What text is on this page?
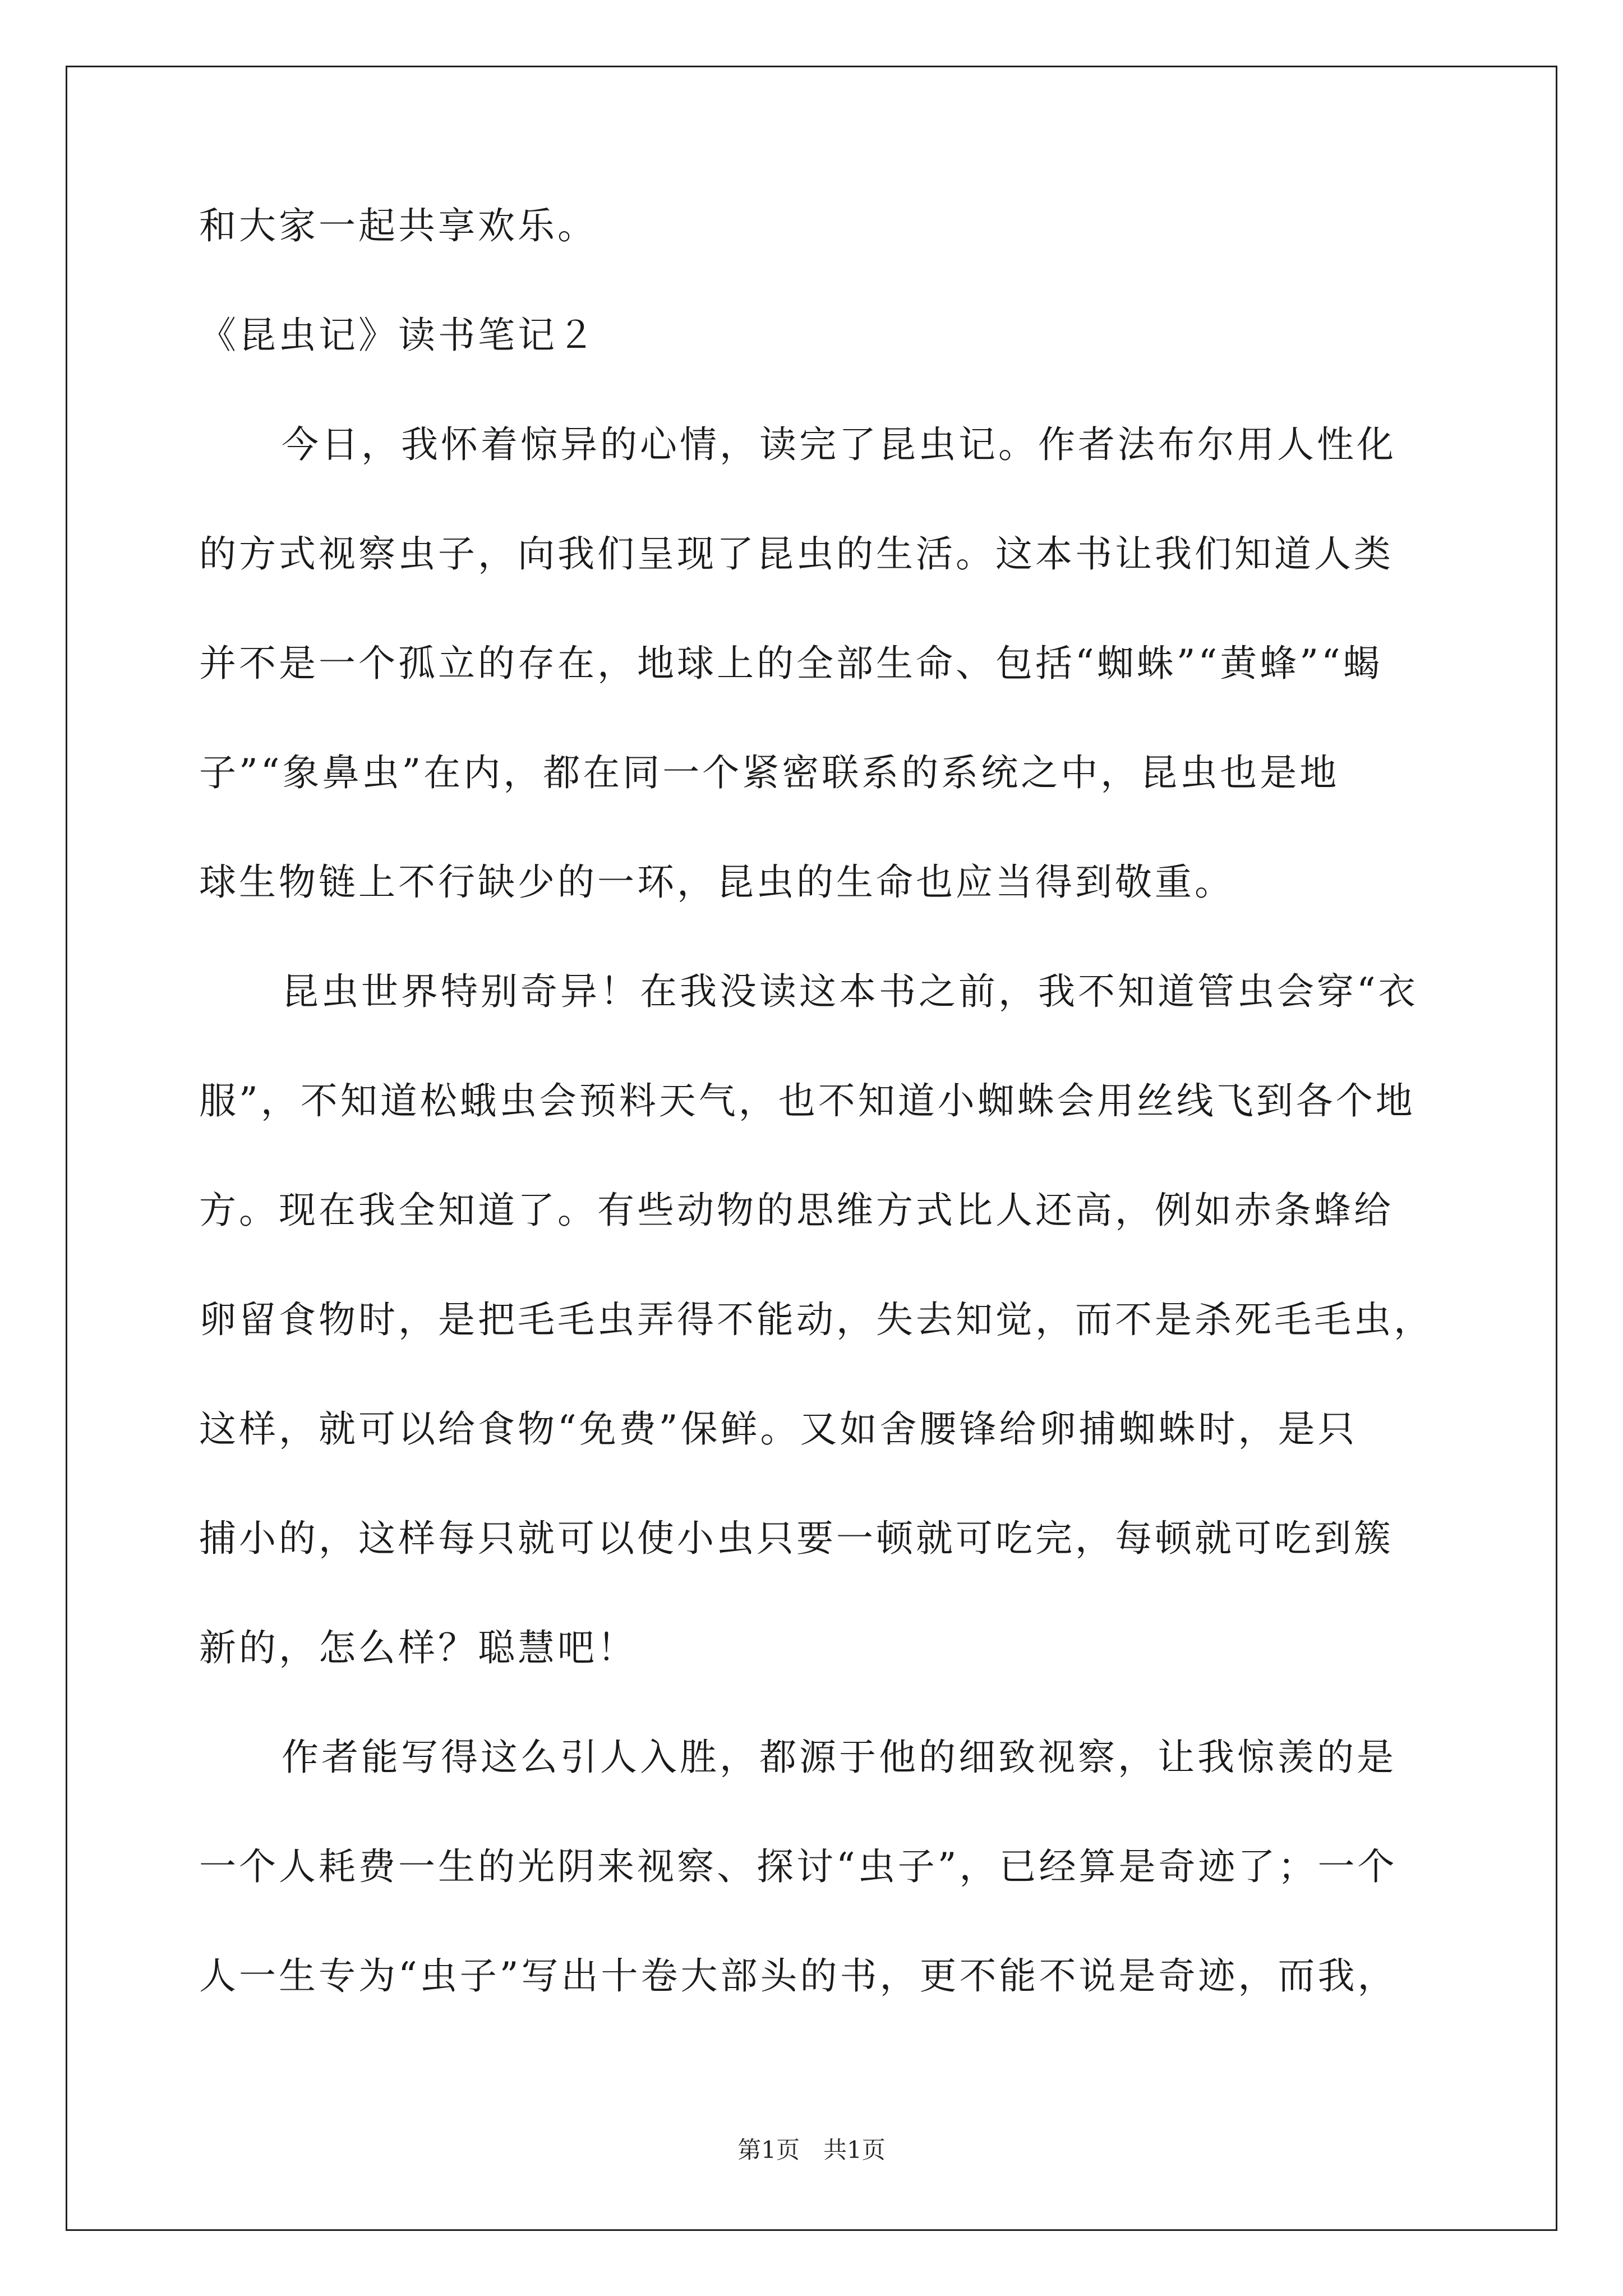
和大家一起共享欢乐。
《昆虫记》读书笔记２
今日，我怀着惊异的心情，读完了昆虫记。作者法布尔用人性化
的方式视察虫子，向我们呈现了昆虫的生活。这本书让我们知道人类
并不是一个孤立的存在，地球上的全部生命、包括“蜘蛛”“黄蜂”“蝎
子”“象鼻虫”在内，都在同一个紧密联系的系统之中，昆虫也是地
球生物链上不行缺少的一环，昆虫的生命也应当得到敬重。
昆虫世界特别奇异！在我没读这本书之前，我不知道管虫会穿“衣
服”，不知道松蛾虫会预料天气，也不知道小蜘蛛会用丝线飞到各个地
方。现在我全知道了。有些动物的思维方式比人还高，例如赤条蜂给
卵留食物时，是把毛毛虫弄得不能动，失去知觉，而不是杀死毛毛虫，
这样，就可以给食物“免费”保鲜。又如舍腰锋给卵捕蜘蛛时，是只
捕小的，这样每只就可以使小虫只要一顿就可吃完，每顿就可吃到簇
新的，怎么样？聪慧吧！
作者能写得这么引人入胜，都源于他的细致视察，让我惊羡的是
一个人耗费一生的光阴来视察、探讨“虫子”，已经算是奇迹了；一个
人一生专为“虫子”写出十卷大部头的书，更不能不说是奇迹，而我，
第1页　共1页
